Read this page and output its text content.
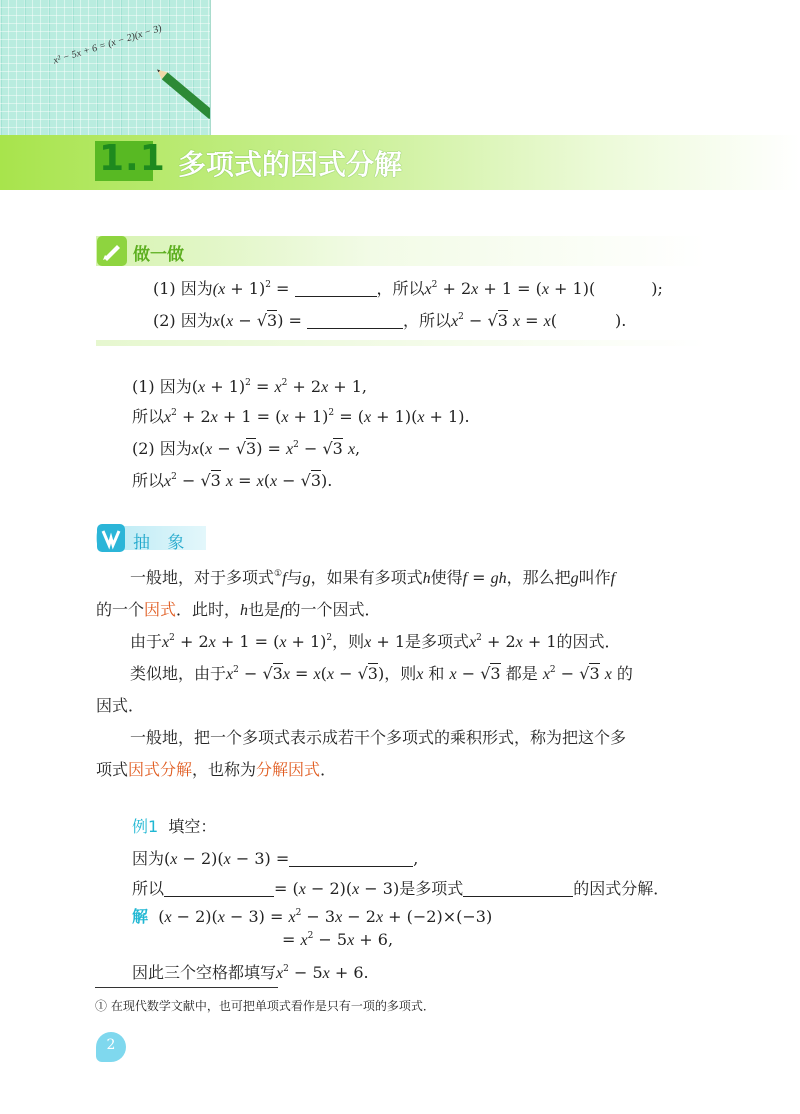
x² − 5x + 6 = (x − 2)(x − 3)
1.1 多项式的因式分解
做一做
(1) 因为$(x + 1)^2$ =	，所以$x^2 + 2x + 1 = (x + 1)$(	);
(2) 因为x(x − √3) =	，所以$x^2 - √3$ x = x(	).
(1) 因为$(x + 1)^2 = x^2 + 2x + 1$,
所以$x^2 + 2x + 1 = (x + 1)^2 = (x + 1)(x + 1)$.
(2) 因为$x(x - √3) = x^2 - √3$ x,
所以$x^2 - √3$ x = x(x − √3).
抽 象
一般地，对于多项式①f与g，如果有多项式h使得f = gh，那么把g叫作f
的一个因式．此时，h也是f的一个因式．
由于$x^2 + 2x + 1 = (x + 1)^2$，则x + 1是多项式$x^2 + 2x + 1$的因式．
类似地，由于$x^2 - √3x = x(x - √3)$，则x 和 x − √3 都是 $x^2 - √3$ x 的
因式．
一般地，把一个多项式表示成若干个多项式的乘积形式，称为把这个多
项式因式分解，也称为分解因式．
例1 填空：
因为(x − 2)(x − 3) =	,
所以	= (x − 2)(x − 3)是多项式	的因式分解．
解  $(x - 2)(x - 3) = x^2 - 3x - 2x + (-2)\times(-3)$
= $x^2 - 5x + 6$,
因此三个空格都填写$x^2 - 5x + 6$.
① 在现代数学文献中，也可把单项式看作是只有一项的多项式．
2
